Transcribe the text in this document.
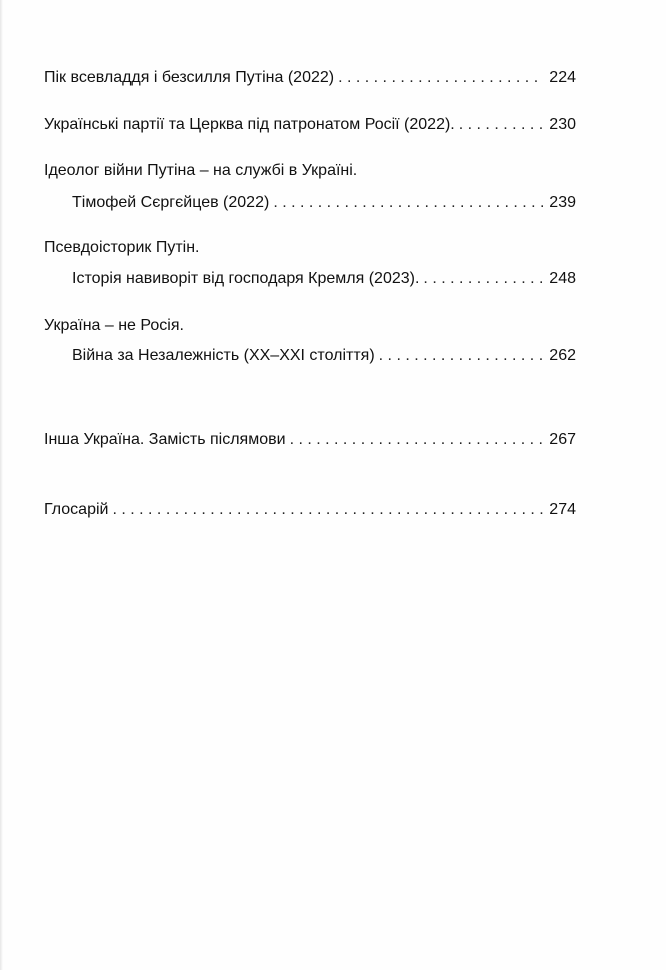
Пік всевладдя і безсилля Путіна (2022) . . .	224
Українські партії та Церква під патронатом Росії (2022). . . .	230
Ідеолог війни Путіна – на службі в Україні.
Тімофей Сєргєйцев (2022) . . .	239
Псевдоісторик Путін.
Історія навиворіт від господаря Кремля (2023). . . .	248
Україна – не Росія.
Війна за Незалежність (XX–XXI століття) . . .	262
Інша Україна. Замість післямови . . .	267
Глосарій . . .	274
